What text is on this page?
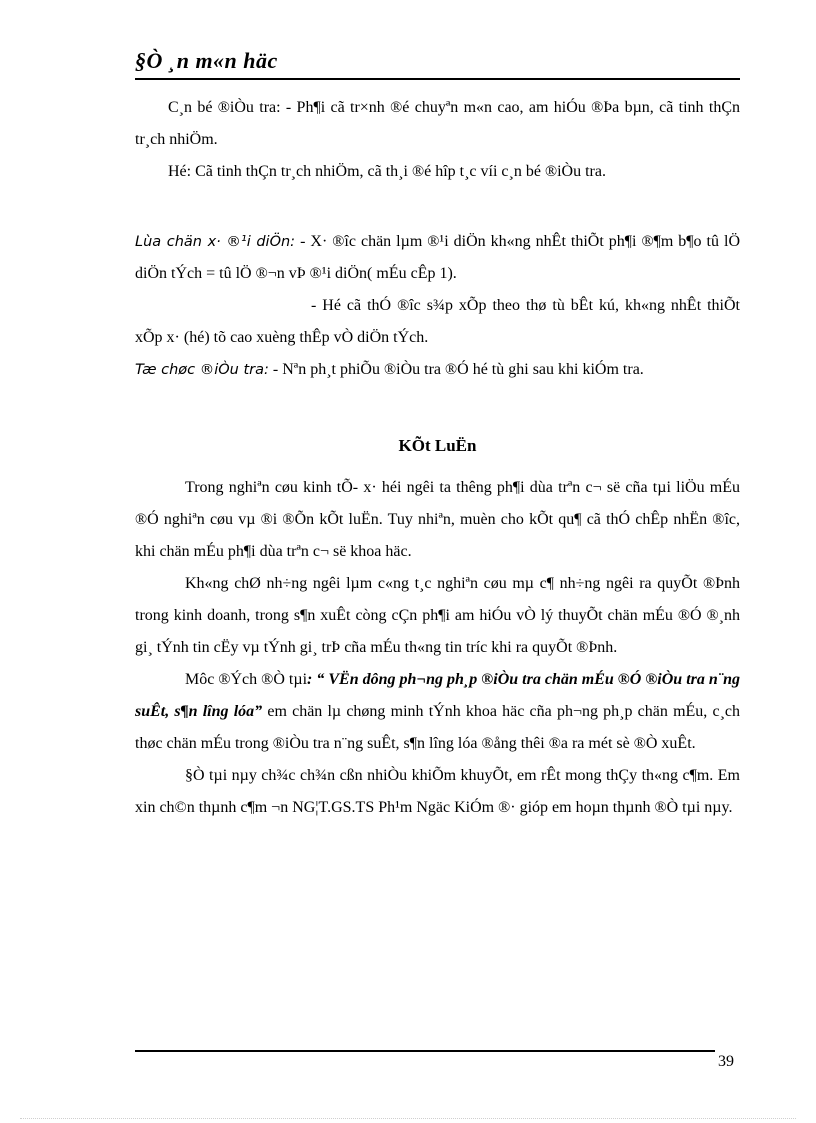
§Ò ¸n m«n häc

C¸n bé ®iÒu tra: - Ph¶i cã tr×nh ®é chuyªn m«n cao, am hiÓu ®Þa bµn, cã tinh thÇn tr¸ch nhiÖm.

Hé: Cã tinh thÇn tr¸ch nhiÖm, cã th¸i ®é hîp t¸c víi c¸n bé ®iÒu tra.

Lùa chän x· ®¹i diÖn: - X· ®îc chän lµm ®¹i diÖn kh«ng nhÊt thiÕt ph¶i ®¶m b¶o tû lÖ diÖn tÝch = tû lÖ ®¬n vÞ ®¹i diÖn( mÉu cÊp 1).

- Hé cã thÓ ®îc s¾p xÕp theo thø tù bÊt kú, kh«ng nhÊt thiÕt xÕp x· (hé) tõ cao xuèng thÊp vÒ diÖn tÝch.

Tæ chøc ®iÒu tra: - Nªn ph¸t phiÕu ®iÒu tra ®Ó hé tù ghi sau khi kiÓm tra.

KÕt LuËn

Trong nghiªn cøu kinh tÕ- x· héi ngêi ta thêng ph¶i dùa trªn c¬ së cña tµi liÖu mÉu ®Ó nghiªn cøu vµ ®i ®Õn kÕt luËn. Tuy nhiªn, muèn cho kÕt qu¶ cã thÓ chÊp nhËn ®îc, khi chän mÉu ph¶i dùa trªn c¬ së khoa häc.

Kh«ng chØ nh÷ng ngêi lµm c«ng t¸c nghiªn cøu mµ c¶ nh÷ng ngêi ra quyÕt ®Þnh trong kinh doanh, trong s¶n xuÊt còng cÇn ph¶i am hiÓu vÒ lý thuyÕt chän mÉu ®Ó ®¸nh gi¸ tÝnh tin cËy vµ tÝnh gi¸ trÞ cña mÉu th«ng tin tríc khi ra quyÕt ®Þnh.

Môc ®Ých ®Ò tµi: “ VËn dông ph¬ng ph¸p ®iÒu tra chän mÉu ®Ó ®iÒu tra n¨ng suÊt, s¶n lîng lóa” em chän lµ chøng minh tÝnh khoa häc cña ph¬ng ph¸p chän mÉu, c¸ch thøc chän mÉu trong ®iÒu tra n¨ng suÊt, s¶n lîng lóa ®ång thêi ®a ra mét sè ®Ò xuÊt.

§Ò tµi nµy ch¾c ch¾n cßn nhiÒu khiÕm khuyÕt, em rÊt mong thÇy th«ng c¶m. Em xin ch©n thµnh c¶m ¬n NG¦T.GS.TS Ph¹m Ngäc KiÓm ®· gióp em hoµn thµnh ®Ò tµi nµy.

39
